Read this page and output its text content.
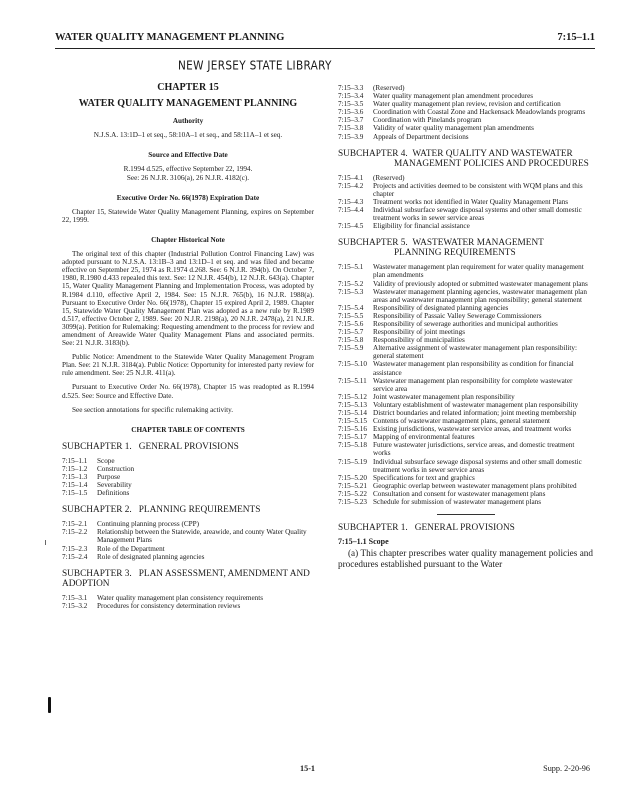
WATER QUALITY MANAGEMENT PLANNING	7:15–1.1
NEW JERSEY STATE LIBRARY
CHAPTER 15
WATER QUALITY MANAGEMENT PLANNING
Authority
N.J.S.A. 13:1D–1 et seq., 58:10A–1 et seq., and 58:11A–1 et seq.
Source and Effective Date
R.1994 d.525, effective September 22, 1994.
See: 26 N.J.R. 3106(a), 26 N.J.R. 4182(c).
Executive Order No. 66(1978) Expiration Date

Chapter 15, Statewide Water Quality Management Planning, expires on September 22, 1999.

Chapter Historical Note

The original text of this chapter (Industrial Pollution Control Financing Law) was adopted pursuant to N.J.S.A. 13:1B–3 and 13:1D–1 et seq. and was filed and became effective on September 25, 1974 as R.1974 d.268. See: 6 N.J.R. 394(b). On October 7, 1980, R.1980 d.433 repealed this text. See: 12 N.J.R. 454(b), 12 N.J.R. 643(a). Chapter 15, Water Quality Management Planning and Implementation Process, was adopted by R.1984 d.110, effective April 2, 1984. See: 15 N.J.R. 765(b), 16 N.J.R. 1988(a). Pursuant to Executive Order No. 66(1978), Chapter 15 expired April 2, 1989. Chapter 15, Statewide Water Quality Management Plan was adopted as a new rule by R.1989 d.517, effective October 2, 1989. See: 20 N.J.R. 2198(a), 20 N.J.R. 2478(a), 21 N.J.R. 3099(a). Petition for Rulemaking: Requesting amendment to the process for review and amendment of Areawide Water Quality Management Plans and associated permits. See: 21 N.J.R. 3183(b).

Public Notice: Amendment to the Statewide Water Quality Management Program Plan. See: 21 N.J.R. 3184(a). Public Notice: Opportunity for interested party review for rule amendment. See: 25 N.J.R. 411(a).

Pursuant to Executive Order No. 66(1978), Chapter 15 was readopted as R.1994 d.525. See: Source and Effective Date.

See section annotations for specific rulemaking activity.

CHAPTER TABLE OF CONTENTS
SUBCHAPTER 1. GENERAL PROVISIONS
7:15–1.1	Scope
7:15–1.2	Construction
7:15–1.3	Purpose
7:15–1.4	Severability
7:15–1.5	Definitions
SUBCHAPTER 2. PLANNING REQUIREMENTS
7:15–2.1	Continuing planning process (CPP)
7:15–2.2	Relationship between the Statewide, areawide, and county Water Quality Management Plans
7:15–2.3	Role of the Department
7:15–2.4	Role of designated planning agencies
SUBCHAPTER 3. PLAN ASSESSMENT, AMENDMENT AND ADOPTION
7:15–3.1	Water quality management plan consistency requirements
7:15–3.2	Procedures for consistency determination reviews
7:15–3.3	(Reserved)
7:15–3.4	Water quality management plan amendment procedures
7:15–3.5	Water quality management plan review, revision and certification
7:15–3.6	Coordination with Coastal Zone and Hackensack Meadowlands programs
7:15–3.7	Coordination with Pinelands program
7:15–3.8	Validity of water quality management plan amendments
7:15–3.9	Appeals of Department decisions
SUBCHAPTER 4. WATER QUALITY AND WASTEWATER MANAGEMENT POLICIES AND PROCEDURES
7:15–4.1	(Reserved)
7:15–4.2	Projects and activities deemed to be consistent with WQM plans and this chapter
7:15–4.3	Treatment works not identified in Water Quality Management Plans
7:15–4.4	Individual subsurface sewage disposal systems and other small domestic treatment works in sewer service areas
7:15–4.5	Eligibility for financial assistance
SUBCHAPTER 5. WASTEWATER MANAGEMENT PLANNING REQUIREMENTS
7:15–5.1	Wastewater management plan requirement for water quality management plan amendments
7:15–5.2	Validity of previously adopted or submitted wastewater management plans
7:15–5.3	Wastewater management planning agencies, wastewater management plan areas and wastewater management plan responsibility; general statement
7:15–5.4	Responsibility of designated planning agencies
7:15–5.5	Responsibility of Passaic Valley Sewerage Commissioners
7:15–5.6	Responsibility of sewerage authorities and municipal authorities
7:15–5.7	Responsibility of joint meetings
7:15–5.8	Responsibility of municipalities
7:15–5.9	Alternative assignment of wastewater management plan responsibility: general statement
7:15–5.10	Wastewater management plan responsibility as condition for financial assistance
7:15–5.11	Wastewater management plan responsibility for complete wastewater service area
7:15–5.12	Joint wastewater management plan responsibility
7:15–5.13	Voluntary establishment of wastewater management plan responsibility
7:15–5.14	District boundaries and related information; joint meeting membership
7:15–5.15	Contents of wastewater management plans, general statement
7:15–5.16	Existing jurisdictions, wastewater service areas, and treatment works
7:15–5.17	Mapping of environmental features
7:15–5.18	Future wastewater jurisdictions, service areas, and domestic treatment works
7:15–5.19	Individual subsurface sewage disposal systems and other small domestic treatment works in sewer service areas
7:15–5.20	Specifications for text and graphics
7:15–5.21	Geographic overlap between wastewater management plans prohibited
7:15–5.22	Consultation and consent for wastewater management plans
7:15–5.23	Schedule for submission of wastewater management plans
SUBCHAPTER 1. GENERAL PROVISIONS
7:15–1.1 Scope

(a) This chapter prescribes water quality management policies and procedures established pursuant to the Water

15-1	Supp. 2-20-96
